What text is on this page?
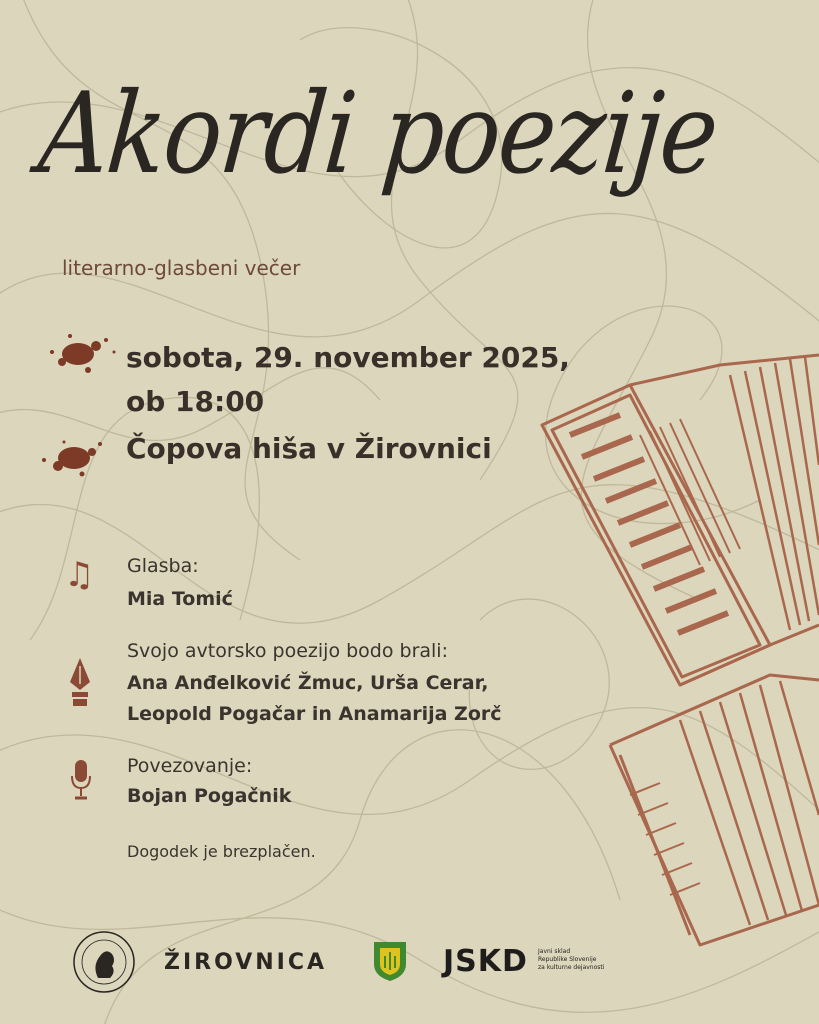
Akordi poezije
literarno-glasbeni večer
sobota, 29. november 2025,
ob 18:00
Čopova hiša v Žirovnici
♫ Glasba:
Mia Tomić
Svojo avtorsko poezijo bodo brali:
Ana Anđelković Žmuc, Urša Cerar,
Leopold Pogačar in Anamarija Zorč
Povezovanje:
Bojan Pogačnik
Dogodek je brezplačen.
ŽIROVNICA	JSKD Javni sklad
Republike Slovenije
za kulturne dejavnosti
